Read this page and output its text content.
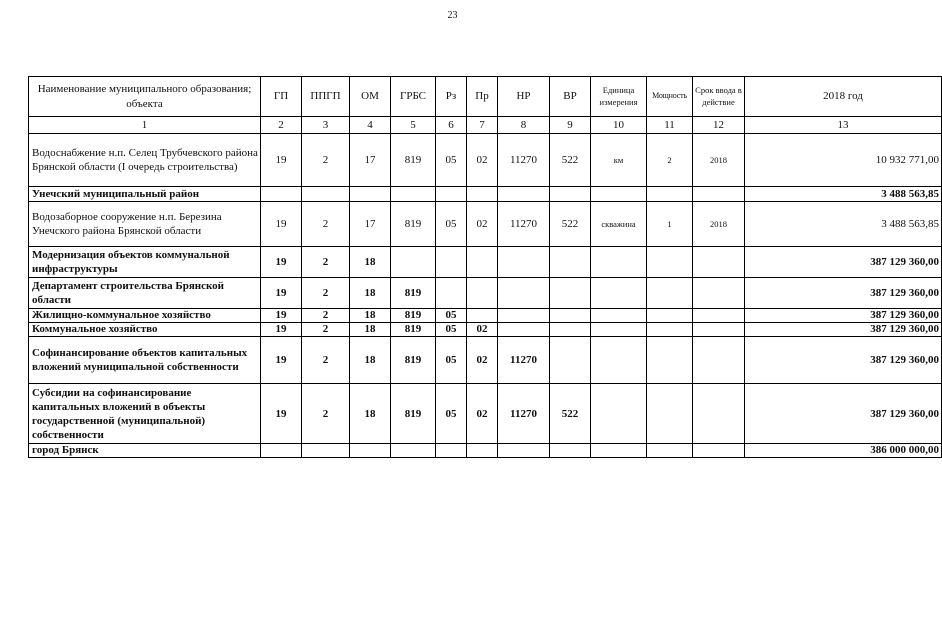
23
Наименование муниципального образования; объекта	ГП	ППГП	ОМ	ГРБС	Рз	Пр	НР	ВР	Единица измерения	Мощность	Срок ввода в действие	2018 год
1	2	3	4	5	6	7	8	9	10	11	12	13
Водоснабжение н.п. Селец Трубчевского района Брянской области (I очередь строительства)	19	2	17	819	05	02	11270	522	км	2	2018	10 932 771,00
Унечский муниципальный район												3 488 563,85
Водозаборное сооружение н.п. Березина Унечского района Брянской области	19	2	17	819	05	02	11270	522	скважина	1	2018	3 488 563,85
Модернизация объектов коммунальной инфраструктуры	19	2	18									387 129 360,00
Департамент строительства Брянской области	19	2	18	819								387 129 360,00
Жилищно-коммунальное хозяйство	19	2	18	819	05							387 129 360,00
Коммунальное хозяйство	19	2	18	819	05	02						387 129 360,00
Софинансирование объектов капитальных вложений муниципальной собственности	19	2	18	819	05	02	11270					387 129 360,00
Субсидии на софинансирование капитальных вложений в объекты государственной (муниципальной) собственности	19	2	18	819	05	02	11270	522				387 129 360,00
город Брянск												386 000 000,00
